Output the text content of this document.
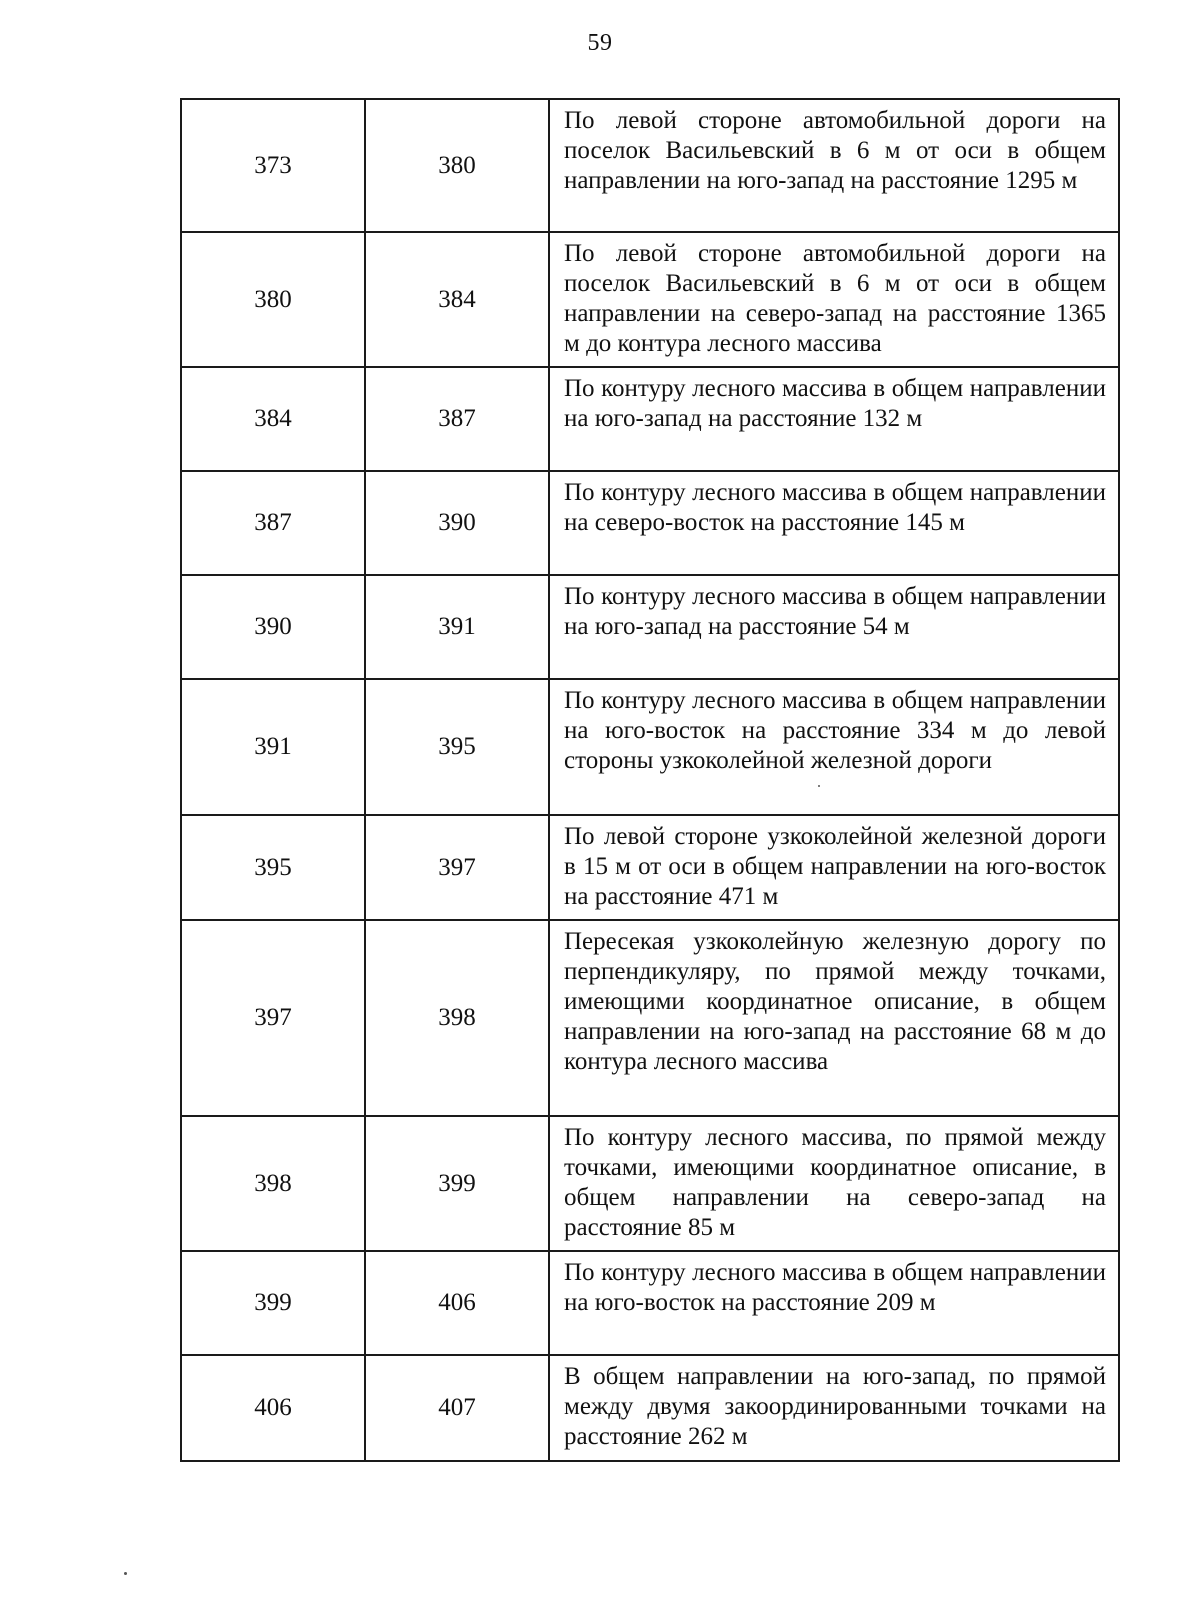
59
373	380	По левой стороне автомобильной дороги на поселок Васильевский в 6 м от оси в общем направлении на юго-запад на расстояние 1295 м
380	384	По левой стороне автомобильной дороги на поселок Васильевский в 6 м от оси в общем направлении на северо-запад на расстояние 1365 м до контура лесного массива
384	387	По контуру лесного массива в общем направлении на юго-запад на расстояние 132 м
387	390	По контуру лесного массива в общем направлении на северо-восток на расстояние 145 м
390	391	По контуру лесного массива в общем направлении на юго-запад на расстояние 54 м
391	395	По контуру лесного массива в общем направлении на юго-восток на расстояние 334 м до левой стороны узкоколейной железной дороги
395	397	По левой стороне узкоколейной железной дороги в 15 м от оси в общем направлении на юго-восток на расстояние 471 м
397	398	Пересекая узкоколейную железную дорогу по перпендикуляру, по прямой между точками, имеющими координатное описание, в общем направлении на юго-запад на расстояние 68 м до контура лесного массива
398	399	По контуру лесного массива, по прямой между точками, имеющими координатное описание, в общем направлении на северо-запад на расстояние 85 м
399	406	По контуру лесного массива в общем направлении на юго-восток на расстояние 209 м
406	407	В общем направлении на юго-запад, по прямой между двумя закоординированными точками на расстояние 262 м
